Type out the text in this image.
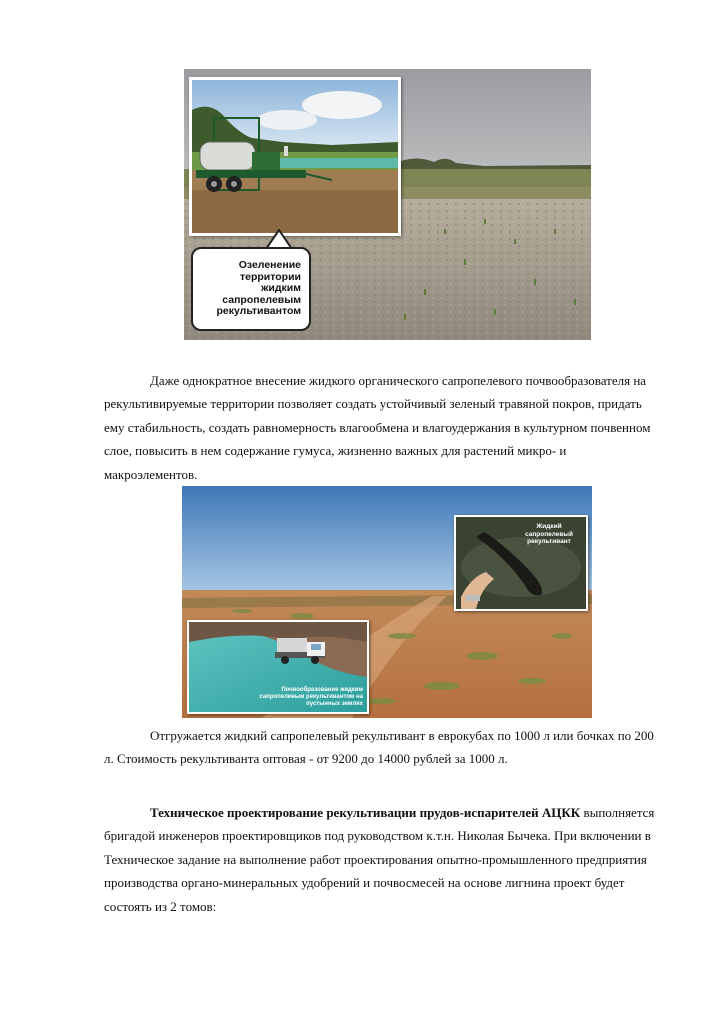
Озеленение
территории
жидким
сапропелевым
рекультивантом

Даже однократное внесение жидкого органического сапропелевого почвообразователя на
рекультивируемые территории позволяет создать устойчивый зеленый травяной покров, придать
ему стабильность, создать равномерность влагообмена и влагоудержания в культурном почвенном
слое, повысить в нем содержание гумуса, жизненно важных для растений микро- и
макроэлементов.

Жидкий
сапропелевый
рекультивант
Почвообразование жидким
сапропелевым рекультивантом на
пустынных землях

Отгружается жидкий сапропелевый рекультивант в еврокубах по 1000 л или бочках по 200
л. Стоимость рекультиванта оптовая - от 9200 до 14000 рублей за 1000 л.

Техническое проектирование рекультивации прудов-испарителей АЦКК выполняется
бригадой инженеров проектировщиков под руководством к.т.н. Николая Бычека. При включении в
Техническое задание на выполнение работ проектирования опытно-промышленного предприятия
производства органо-минеральных удобрений и почвосмесей на основе лигнина проект будет
состоять из 2 томов:
